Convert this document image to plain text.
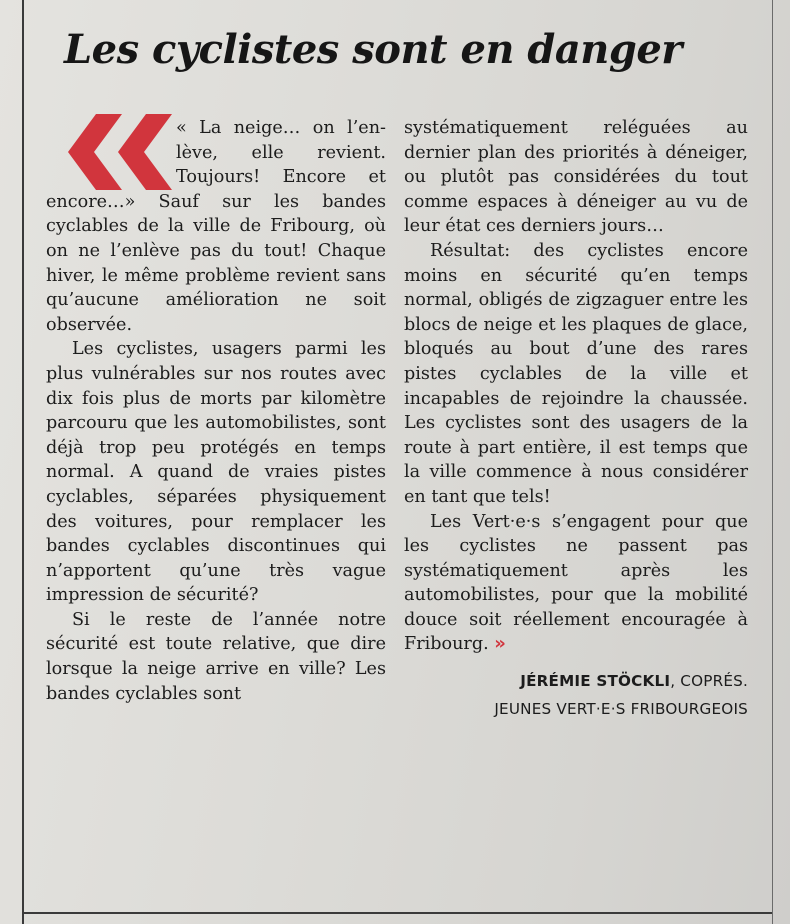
Les cyclistes sont en danger
« La neige… on l’en-
lève, elle revient.
Toujours! Encore et

encore…» Sauf sur les bandes cyclables de la ville de Fribourg, où on ne l’enlève pas du tout! Chaque hiver, le même problème revient sans qu’aucune amélioration ne soit observée.

Les cyclistes, usagers parmi les plus vulnérables sur nos routes avec dix fois plus de morts par kilomètre parcouru que les automobilistes, sont déjà trop peu protégés en temps normal. A quand de vraies pistes cyclables, séparées physiquement des voitures, pour remplacer les bandes cyclables discontinues qui n’apportent qu’une très vague impression de sécurité?

Si le reste de l’année notre sécurité est toute relative, que dire lorsque la neige arrive en ville? Les bandes cyclables sont

systématiquement reléguées au dernier plan des priorités à déneiger, ou plutôt pas considérées du tout comme espaces à déneiger au vu de leur état ces derniers jours…

Résultat: des cyclistes encore moins en sécurité qu’en temps normal, obligés de zigzaguer entre les blocs de neige et les plaques de glace, bloqués au bout d’une des rares pistes cyclables de la ville et incapables de rejoindre la chaussée. Les cyclistes sont des usagers de la route à part entière, il est temps que la ville commence à nous considérer en tant que tels!

Les Vert·e·s s’engagent pour que les cyclistes ne passent pas systématiquement après les automobilistes, pour que la mobilité douce soit réellement encouragée à Fribourg. »

JÉRÉMIE STÖCKLI, COPRÉS.
JEUNES VERT·E·S FRIBOURGEOIS
